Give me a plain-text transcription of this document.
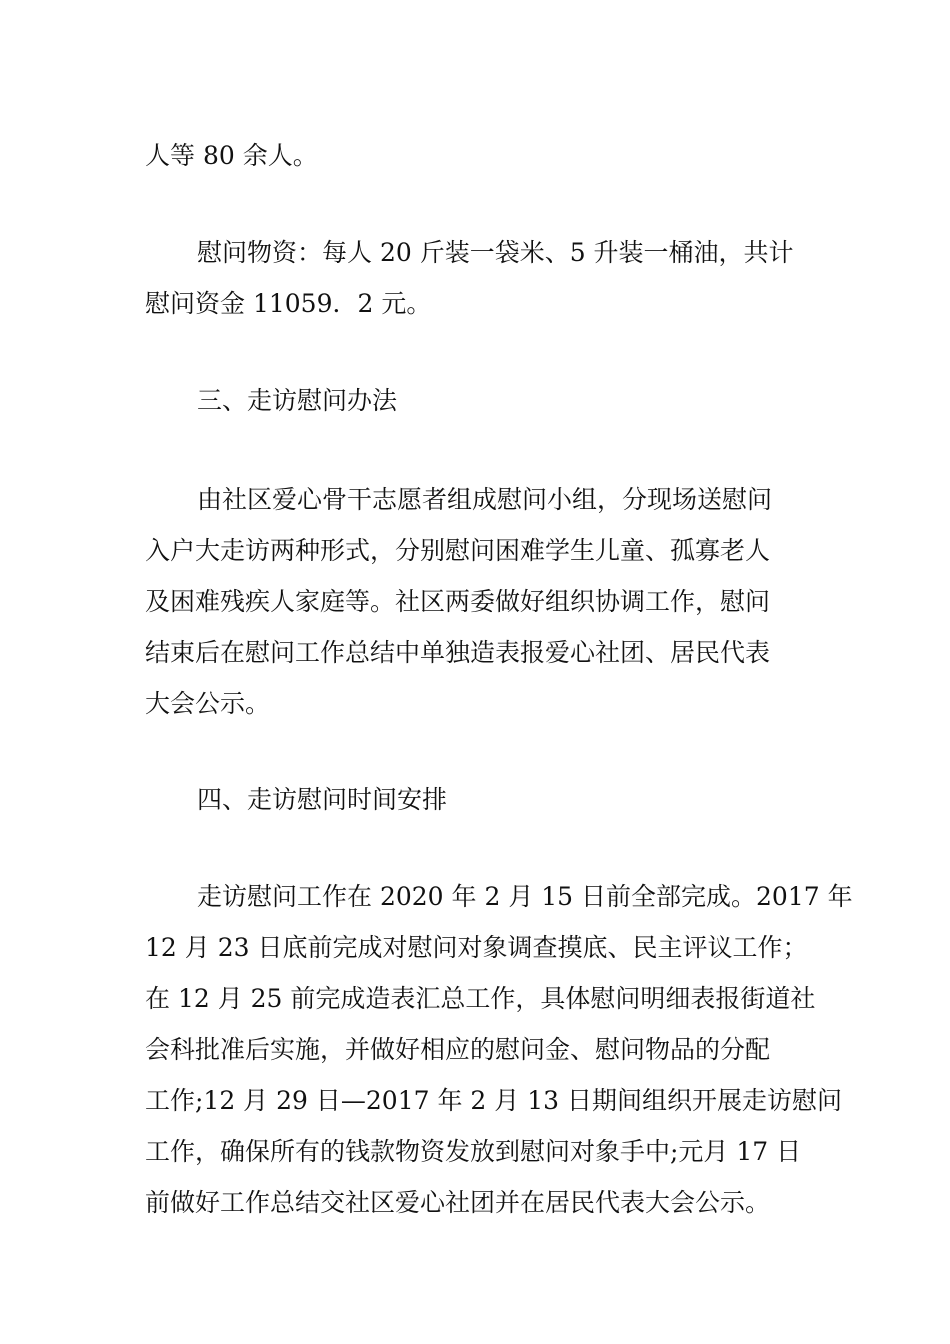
人等 80 余人。

慰问物资：每人 20 斤装一袋米、5 升装一桶油，共计
慰问资金 11059．2 元。

三、走访慰问办法

由社区爱心骨干志愿者组成慰问小组，分现场送慰问
入户大走访两种形式，分别慰问困难学生儿童、孤寡老人
及困难残疾人家庭等。社区两委做好组织协调工作，慰问
结束后在慰问工作总结中单独造表报爱心社团、居民代表
大会公示。

四、走访慰问时间安排

走访慰问工作在 2020 年 2 月 15 日前全部完成。2017 年
12 月 23 日底前完成对慰问对象调查摸底、民主评议工作；
在 12 月 25 前完成造表汇总工作，具体慰问明细表报街道社
会科批准后实施，并做好相应的慰问金、慰问物品的分配
工作;12 月 29 日—2017 年 2 月 13 日期间组织开展走访慰问
工作，确保所有的钱款物资发放到慰问对象手中;元月 17 日
前做好工作总结交社区爱心社团并在居民代表大会公示。
